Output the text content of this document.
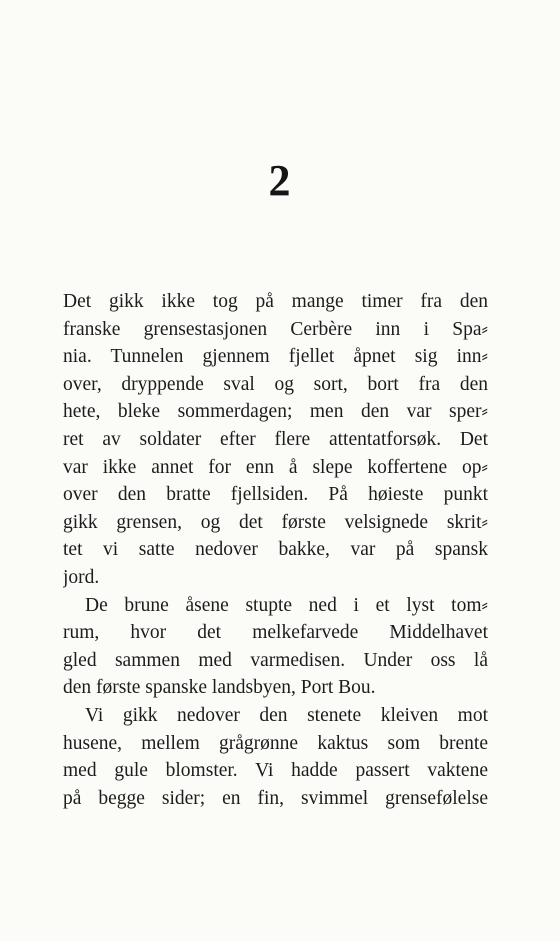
2
Det gikk ikke tog på mange timer fra den
franske grensestasjonen Cerbère inn i Spa⸗
nia. Tunnelen gjennem fjellet åpnet sig inn⸗
over, dryppende sval og sort, bort fra den
hete, bleke sommerdagen; men den var sper⸗
ret av soldater efter flere attentatforsøk. Det
var ikke annet for enn å slepe koffertene op⸗
over den bratte fjellsiden. På høieste punkt
gikk grensen, og det første velsignede skrit⸗
tet vi satte nedover bakke, var på spansk
jord.
De brune åsene stupte ned i et lyst tom⸗
rum, hvor det melkefarvede Middelhavet
gled sammen med varmedisen. Under oss lå
den første spanske landsbyen, Port Bou.
Vi gikk nedover den stenete kleiven mot
husene, mellem grågrønne kaktus som brente
med gule blomster. Vi hadde passert vaktene
på begge sider; en fin, svimmel grensefølelse
